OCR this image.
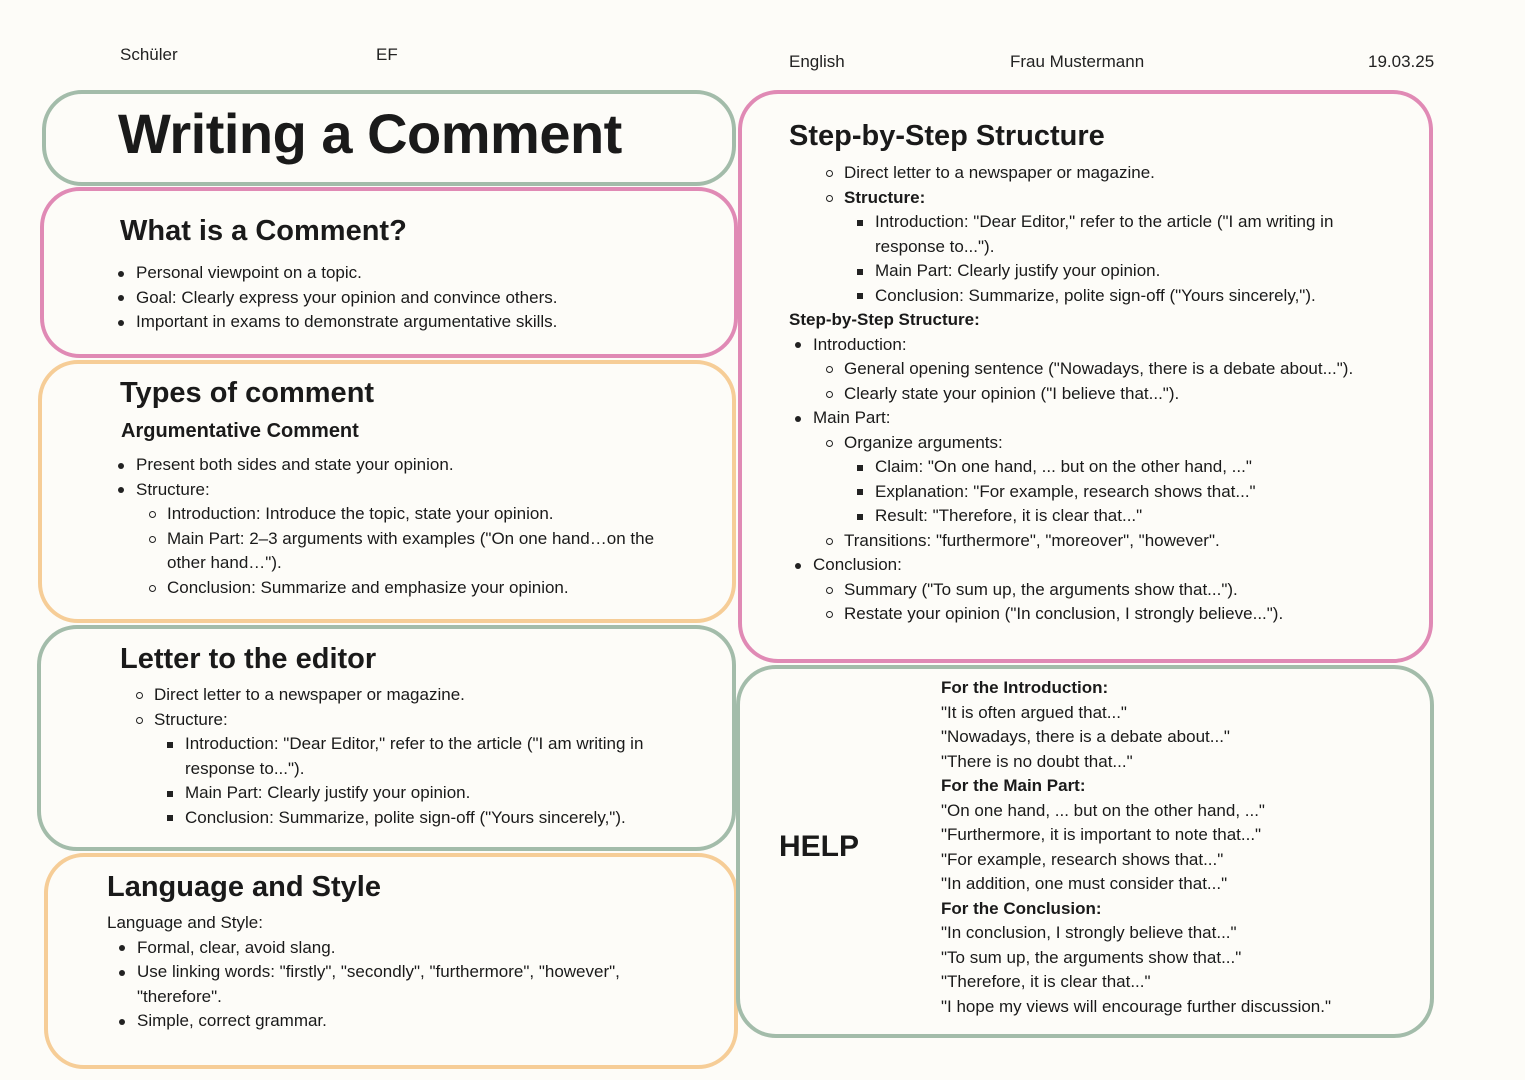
Schüler	EF	English	Frau Mustermann	19.03.25
Writing a Comment
What is a Comment?
Personal viewpoint on a topic.
Goal: Clearly express your opinion and convince others.
Important in exams to demonstrate argumentative skills.
Types of comment
Argumentative Comment
Present both sides and state your opinion.
Structure:
Introduction: Introduce the topic, state your opinion.
Main Part: 2–3 arguments with examples ("On one hand…on the other hand…").
Conclusion: Summarize and emphasize your opinion.
Letter to the editor
Direct letter to a newspaper or magazine.
Structure:
Introduction: "Dear Editor," refer to the article ("I am writing in response to...").
Main Part: Clearly justify your opinion.
Conclusion: Summarize, polite sign-off ("Yours sincerely,").
Language and Style
Language and Style:
Formal, clear, avoid slang.
Use linking words: "firstly", "secondly", "furthermore", "however", "therefore".
Simple, correct grammar.
Step-by-Step Structure
Direct letter to a newspaper or magazine.
Structure:
Introduction: "Dear Editor," refer to the article ("I am writing in response to...").
Main Part: Clearly justify your opinion.
Conclusion: Summarize, polite sign-off ("Yours sincerely,").
Step-by-Step Structure:
Introduction:
General opening sentence ("Nowadays, there is a debate about...").
Clearly state your opinion ("I believe that...").
Main Part:
Organize arguments:
Claim: "On one hand, ... but on the other hand, ..."
Explanation: "For example, research shows that..."
Result: "Therefore, it is clear that..."
Transitions: "furthermore", "moreover", "however".
Conclusion:
Summary ("To sum up, the arguments show that...").
Restate your opinion ("In conclusion, I strongly believe...").
HELP
For the Introduction:
"It is often argued that..."
"Nowadays, there is a debate about..."
"There is no doubt that..."
For the Main Part:
"On one hand, ... but on the other hand, ..."
"Furthermore, it is important to note that..."
"For example, research shows that..."
"In addition, one must consider that..."
For the Conclusion:
"In conclusion, I strongly believe that..."
"To sum up, the arguments show that..."
"Therefore, it is clear that..."
"I hope my views will encourage further discussion."
